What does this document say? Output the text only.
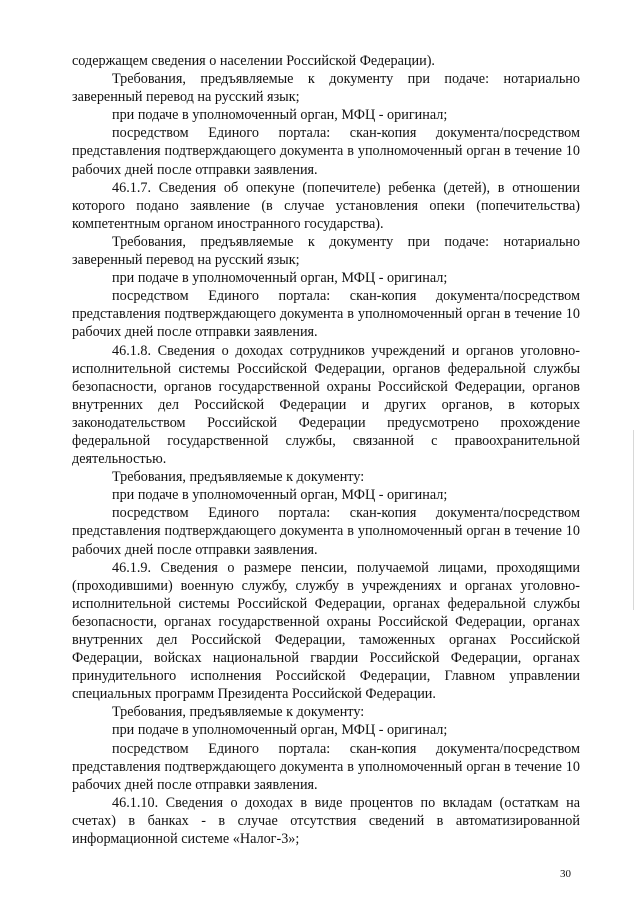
содержащем сведения о населении Российской Федерации).

Требования, предъявляемые к документу при подаче: нотариально заверенный перевод на русский язык;

при подаче в уполномоченный орган, МФЦ - оригинал;

посредством Единого портала: скан-копия документа/посредством представления подтверждающего документа в уполномоченный орган в течение 10 рабочих дней после отправки заявления.

46.1.7. Сведения об опекуне (попечителе) ребенка (детей), в отношении которого подано заявление (в случае установления опеки (попечительства) компетентным органом иностранного государства).

Требования, предъявляемые к документу при подаче: нотариально заверенный перевод на русский язык;

при подаче в уполномоченный орган, МФЦ - оригинал;

посредством Единого портала: скан-копия документа/посредством представления подтверждающего документа в уполномоченный орган в течение 10 рабочих дней после отправки заявления.

46.1.8. Сведения о доходах сотрудников учреждений и органов уголовно-исполнительной системы Российской Федерации, органов федеральной службы безопасности, органов государственной охраны Российской Федерации, органов внутренних дел Российской Федерации и других органов, в которых законодательством Российской Федерации предусмотрено прохождение федеральной государственной службы, связанной с правоохранительной деятельностью.

Требования, предъявляемые к документу:

при подаче в уполномоченный орган, МФЦ - оригинал;

посредством Единого портала: скан-копия документа/посредством представления подтверждающего документа в уполномоченный орган в течение 10 рабочих дней после отправки заявления.

46.1.9. Сведения о размере пенсии, получаемой лицами, проходящими (проходившими) военную службу, службу в учреждениях и органах уголовно-исполнительной системы Российской Федерации, органах федеральной службы безопасности, органах государственной охраны Российской Федерации, органах внутренних дел Российской Федерации, таможенных органах Российской Федерации, войсках национальной гвардии Российской Федерации, органах принудительного исполнения Российской Федерации, Главном управлении специальных программ Президента Российской Федерации.

Требования, предъявляемые к документу:

при подаче в уполномоченный орган, МФЦ - оригинал;

посредством Единого портала: скан-копия документа/посредством представления подтверждающего документа в уполномоченный орган в течение 10 рабочих дней после отправки заявления.

46.1.10. Сведения о доходах в виде процентов по вкладам (остаткам на счетах) в банках - в случае отсутствия сведений в автоматизированной информационной системе «Налог-3»;

30
